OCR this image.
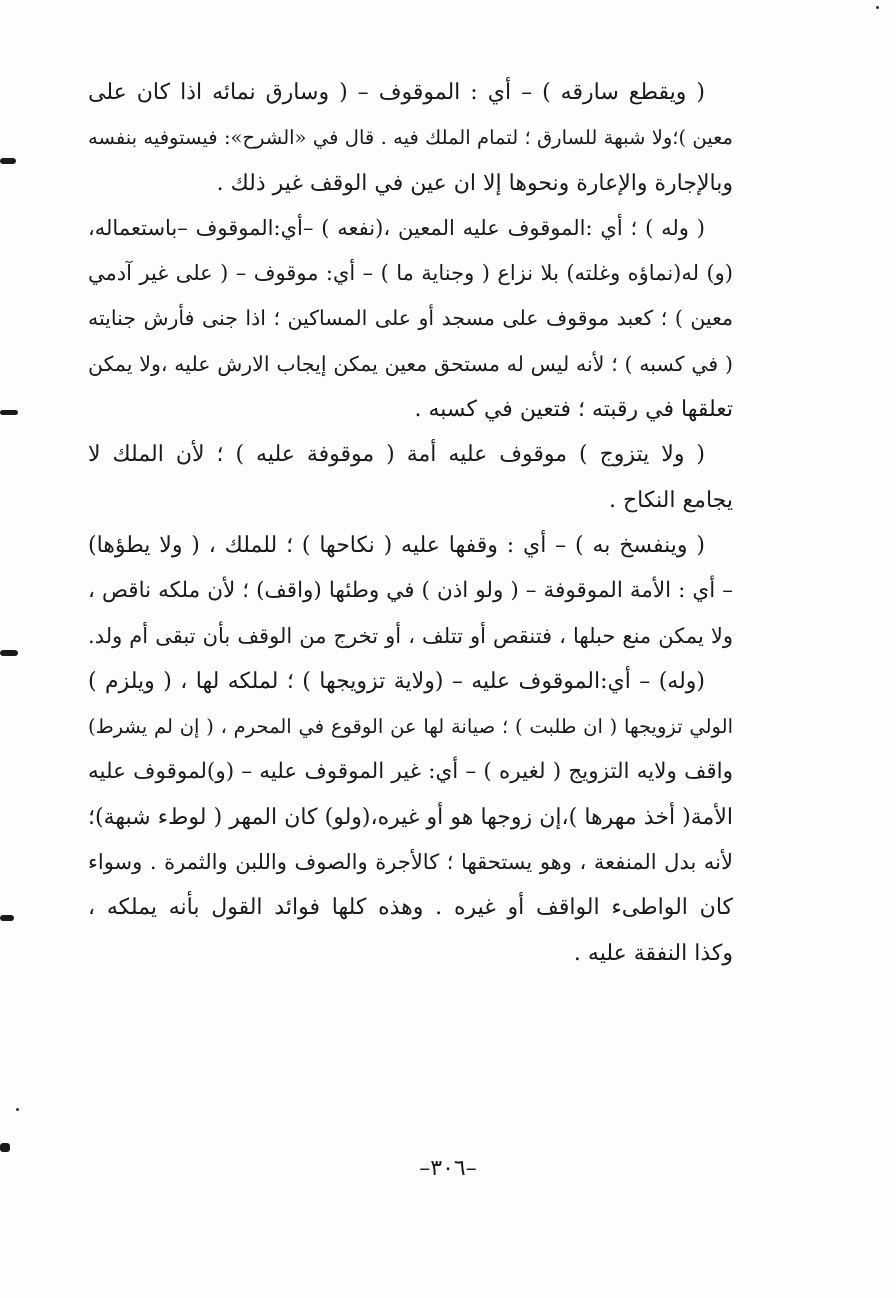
( ويقطع سارقه ) – أي : الموقوف – ( وسارق نمائه اذا كان على
معين )؛ولا شبهة للسارق ؛ لتمام الملك فيه . قال في «الشرح»: فيستوفيه بنفسه
وبالإجارة والإعارة ونحوها إلا ان عين في الوقف غير ذلك .
( وله ) ؛ أي :الموقوف عليه المعين ،(نفعه ) –أي:الموقوف –باستعماله،
(و) له(نماؤه وغلته) بلا نزاع ( وجناية ما ) – أي: موقوف – ( على غير آدمي
معين ) ؛ كعبد موقوف على مسجد أو على المساكين ؛ اذا جنى فأرش جنايته
( في كسبه ) ؛ لأنه ليس له مستحق معين يمكن إيجاب الارش عليه ،ولا يمكن
تعلقها في رقبته ؛ فتعين في كسبه .
( ولا يتزوج ) موقوف عليه أمة ( موقوفة عليه ) ؛ لأن الملك لا
يجامع النكاح .
( وينفسخ به ) – أي : وقفها عليه ( نكاحها ) ؛ للملك ، ( ولا يطؤها)
– أي : الأمة الموقوفة – ( ولو اذن ) في وطئها (واقف) ؛ لأن ملكه ناقص ،
ولا يمكن منع حبلها ، فتنقص أو تتلف ، أو تخرج من الوقف بأن تبقى أم ولد.
(وله) – أي:الموقوف عليه – (ولاية تزويجها ) ؛ لملكه لها ، ( ويلزم )
الولي تزويجها ( ان طلبت ) ؛ صيانة لها عن الوقوع في المحرم ، ( إن لم يشرط)
واقف ولايه التزويج ( لغيره ) – أي: غير الموقوف عليه – (و)لموقوف عليه
الأمة( أخذ مهرها )،إن زوجها هو أو غيره،(ولو) كان المهر ( لوطء شبهة)؛
لأنه بدل المنفعة ، وهو يستحقها ؛ كالأجرة والصوف واللبن والثمرة . وسواء
كان الواطىء الواقف أو غيره . وهذه كلها فوائد القول بأنه يملكه ،
وكذا النفقة عليه .
–٣٠٦–
